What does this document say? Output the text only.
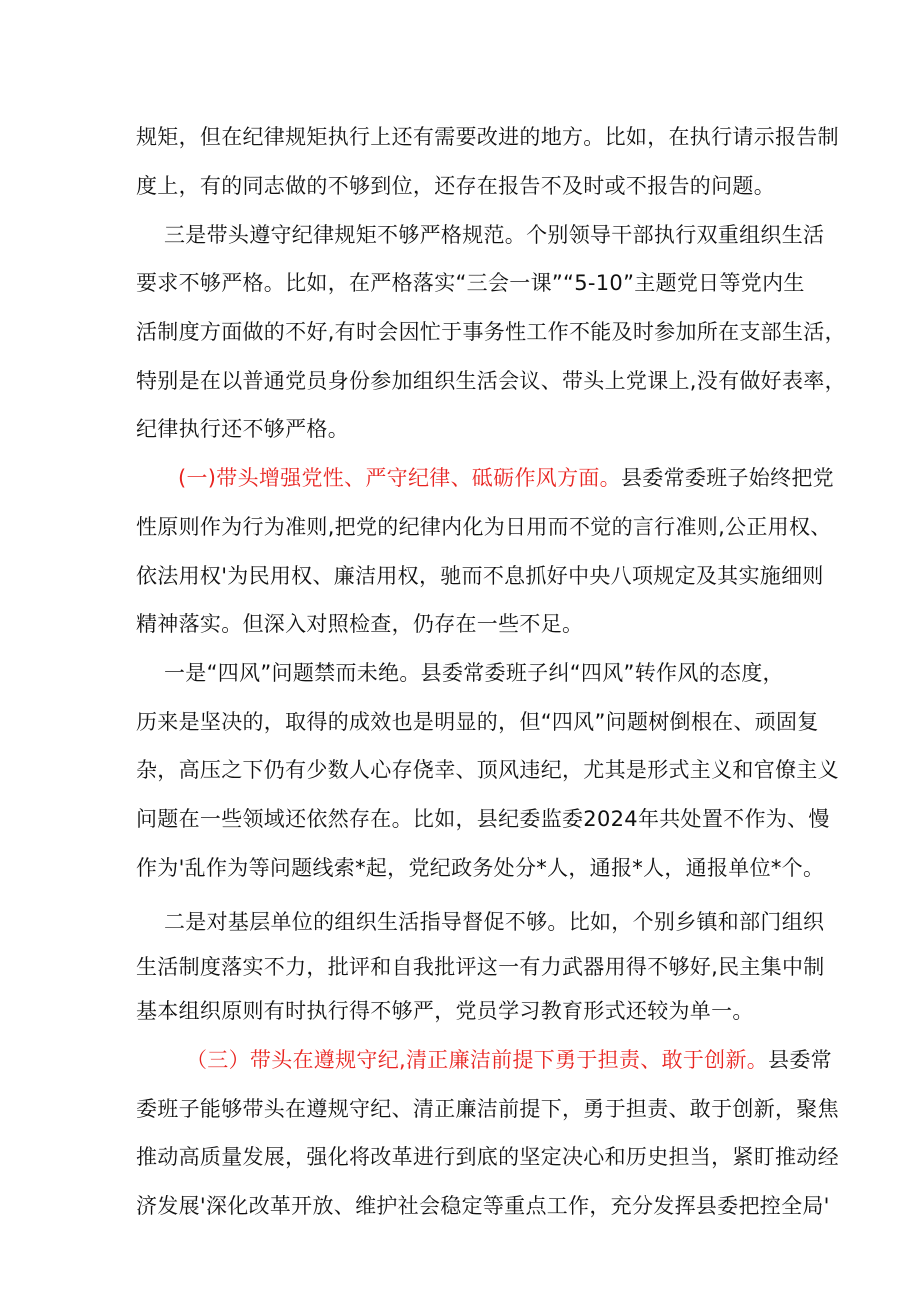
规矩，但在纪律规矩执行上还有需要改进的地方。比如，在执行请示报告制
度上，有的同志做的不够到位，还存在报告不及时或不报告的问题。
三是带头遵守纪律规矩不够严格规范。个别领导干部执行双重组织生活
要求不够严格。比如，在严格落实“三会一课”“5-10”主题党日等党内生
活制度方面做的不好,有时会因忙于事务性工作不能及时参加所在支部生活，
特别是在以普通党员身份参加组织生活会议、带头上党课上,没有做好表率，
纪律执行还不够严格。
(一)带头增强党性、严守纪律、砥砺作风方面。县委常委班子始终把党
性原则作为行为准则,把党的纪律内化为日用而不觉的言行准则,公正用权、
依法用权'为民用权、廉洁用权，驰而不息抓好中央八项规定及其实施细则
精神落实。但深入对照检查，仍存在一些不足。
一是“四风”问题禁而未绝。县委常委班子纠“四风”转作风的态度，
历来是坚决的，取得的成效也是明显的，但“四风”问题树倒根在、顽固复
杂，高压之下仍有少数人心存侥幸、顶风违纪，尤其是形式主义和官僚主义
问题在一些领域还依然存在。比如，县纪委监委2024年共处置不作为、慢
作为'乱作为等问题线索*起，党纪政务处分*人，通报*人，通报单位*个。
二是对基层单位的组织生活指导督促不够。比如，个别乡镇和部门组织
生活制度落实不力，批评和自我批评这一有力武器用得不够好,民主集中制
基本组织原则有时执行得不够严，党员学习教育形式还较为单一。
（三）带头在遵规守纪,清正廉洁前提下勇于担责、敢于创新。县委常
委班子能够带头在遵规守纪、清正廉洁前提下，勇于担责、敢于创新，聚焦
推动高质量发展，强化将改革进行到底的坚定决心和历史担当，紧盯推动经
济发展'深化改革开放、维护社会稳定等重点工作，充分发挥县委把控全局'
